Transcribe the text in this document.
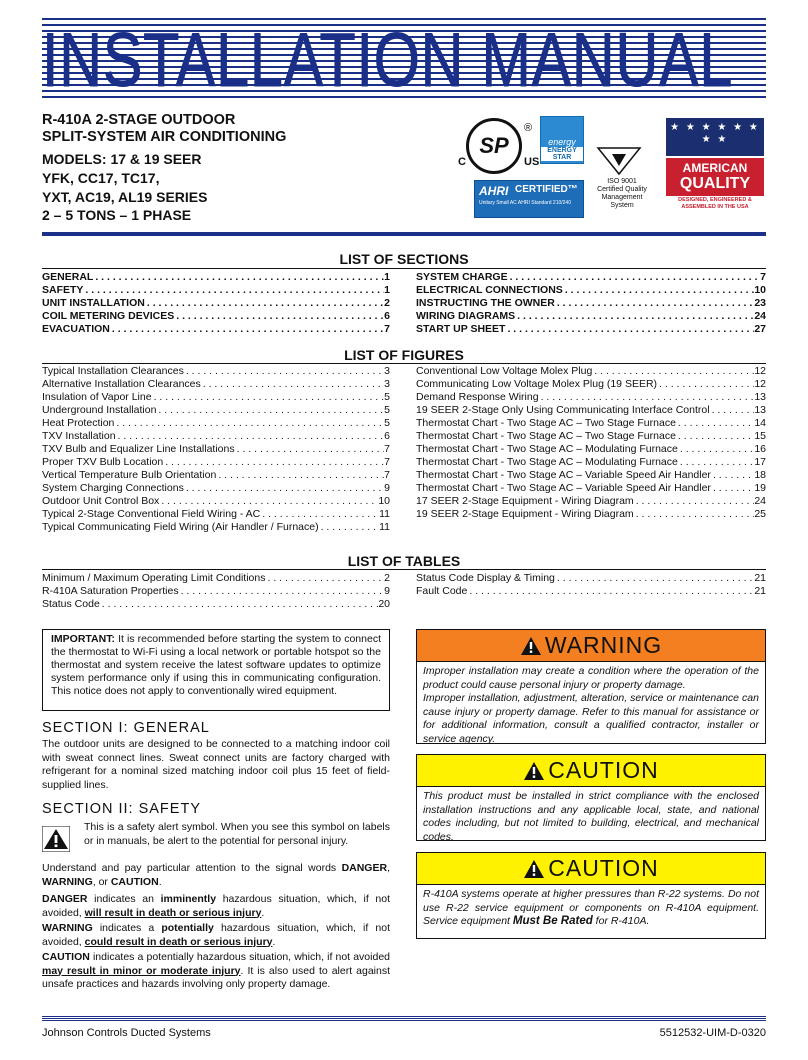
INSTALLATION MANUAL
R-410A 2-STAGE OUTDOOR
SPLIT-SYSTEM AIR CONDITIONING
MODELS: 17 & 19 SEER
YFK, CC17, TC17,
YXT, AC19, AL19 SERIES
2 – 5 TONS – 1 PHASE
SP
C	US
®
energy
ENERGY STAR
AHRI CERTIFIED™
Unitary Small AC AHRI Standard 210/240
ISO 9001
Certified Quality
Management System
★ ★ ★ ★ ★ ★ ★ ★
AMERICAN
QUALITY
DESIGNED, ENGINEERED &
ASSEMBLED IN THE USA
LIST OF SECTIONS
GENERAL . . .	1
SAFETY . . .	1
UNIT INSTALLATION . . .	2
COIL METERING DEVICES . . .	6
EVACUATION . . .	7
SYSTEM CHARGE . . .	7
ELECTRICAL CONNECTIONS . . .	10
INSTRUCTING THE OWNER . . .	23
WIRING DIAGRAMS . . .	24
START UP SHEET . . .	27
LIST OF FIGURES
Typical Installation Clearances . . .	3
Alternative Installation Clearances . . .	3
Insulation of Vapor Line . . .	5
Underground Installation . . .	5
Heat Protection . . .	5
TXV Installation . . .	6
TXV Bulb and Equalizer Line Installations . . .	7
Proper TXV Bulb Location . . .	7
Vertical Temperature Bulb Orientation . . .	7
System Charging Connections . . .	9
Outdoor Unit Control Box . . .	10
Typical 2-Stage Conventional Field Wiring - AC . . .	11
Typical Communicating Field Wiring (Air Handler / Furnace) . . .	11
Conventional Low Voltage Molex Plug . . .	12
Communicating Low Voltage Molex Plug (19 SEER) . . .	12
Demand Response Wiring . . .	13
19 SEER 2-Stage Only Using Communicating Interface Control . . .	13
Thermostat Chart - Two Stage AC – Two Stage Furnace . . .	14
Thermostat Chart - Two Stage AC – Two Stage Furnace . . .	15
Thermostat Chart - Two Stage AC – Modulating Furnace . . .	16
Thermostat Chart - Two Stage AC – Modulating Furnace . . .	17
Thermostat Chart - Two Stage AC – Variable Speed Air Handler . . .	18
Thermostat Chart - Two Stage AC – Variable Speed Air Handler . . .	19
17 SEER 2-Stage Equipment - Wiring Diagram . . .	24
19 SEER 2-Stage Equipment - Wiring Diagram . . .	25
LIST OF TABLES
Minimum / Maximum Operating Limit Conditions . . .	2
R-410A Saturation Properties . . .	9
Status Code . . .	20
Status Code Display & Timing . . .	21
Fault Code . . .	21
IMPORTANT: It is recommended before starting the system to connect the thermostat to Wi-Fi using a local network or portable hotspot so the thermostat and system receive the latest software updates to optimize system performance only if using this in communicating configuration. This notice does not apply to conventionally wired equipment.
SECTION I: GENERAL
The outdoor units are designed to be connected to a matching indoor coil with sweat connect lines. Sweat connect units are factory charged with refrigerant for a nominal sized matching indoor coil plus 15 feet of field-supplied lines.
SECTION II: SAFETY
This is a safety alert symbol. When you see this symbol on labels or in manuals, be alert to the potential for personal injury.
Understand and pay particular attention to the signal words DANGER, WARNING, or CAUTION.
DANGER indicates an imminently hazardous situation, which, if not avoided, will result in death or serious injury.
WARNING indicates a potentially hazardous situation, which, if not avoided, could result in death or serious injury.
CAUTION indicates a potentially hazardous situation, which, if not avoided may result in minor or moderate injury. It is also used to alert against unsafe practices and hazards involving only property damage.
WARNING
Improper installation may create a condition where the operation of the product could cause personal injury or property damage.
Improper installation, adjustment, alteration, service or maintenance can cause injury or property damage. Refer to this manual for assistance or for additional information, consult a qualified contractor, installer or service agency.
CAUTION
This product must be installed in strict compliance with the enclosed installation instructions and any applicable local, state, and national codes including, but not limited to building, electrical, and mechanical codes.
CAUTION
R-410A systems operate at higher pressures than R-22 systems. Do not use R-22 service equipment or components on R-410A equipment. Service equipment Must Be Rated for R-410A.
Johnson Controls Ducted Systems	5512532-UIM-D-0320
